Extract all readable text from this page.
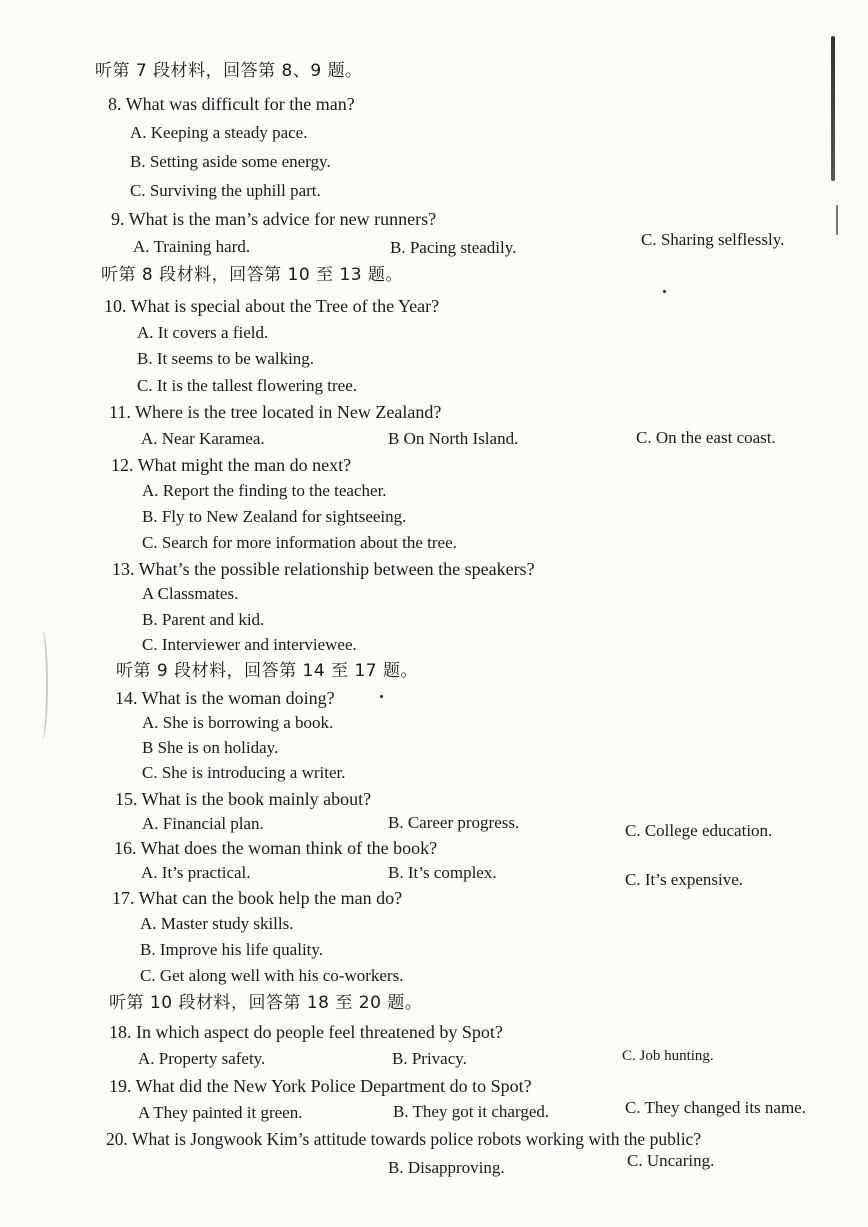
听第 7 段材料，回答第 8、9 题。
8. What was difficult for the man?
A. Keeping a steady pace.
B. Setting aside some energy.
C. Surviving the uphill part.
9. What is the man’s advice for new runners?
A. Training hard.	B. Pacing steadily.	C. Sharing selflessly.
听第 8 段材料，回答第 10 至 13 题。
10. What is special about the Tree of the Year?
A. It covers a field.
B. It seems to be walking.
C. It is the tallest flowering tree.
11. Where is the tree located in New Zealand?
A. Near Karamea.	B On North Island.	C. On the east coast.
12. What might the man do next?
A. Report the finding to the teacher.
B. Fly to New Zealand for sightseeing.
C. Search for more information about the tree.
13. What’s the possible relationship between the speakers?
A Classmates.
B. Parent and kid.
C. Interviewer and interviewee.
听第 9 段材料，回答第 14 至 17 题。
14. What is the woman doing?
A. She is borrowing a book.
B She is on holiday.
C. She is introducing a writer.
15. What is the book mainly about?
A. Financial plan.	B. Career progress.	C. College education.
16. What does the woman think of the book?
A. It’s practical.	B. It’s complex.	C. It’s expensive.
17. What can the book help the man do?
A. Master study skills.
B. Improve his life quality.
C. Get along well with his co-workers.
听第 10 段材料，回答第 18 至 20 题。
18. In which aspect do people feel threatened by Spot?
A. Property safety.	B. Privacy.	C. Job hunting.
19. What did the New York Police Department do to Spot?
A They painted it green.	B. They got it charged.	C. They changed its name.
20. What is Jongwook Kim’s attitude towards police robots working with the public?
B. Disapproving.	C. Uncaring.
